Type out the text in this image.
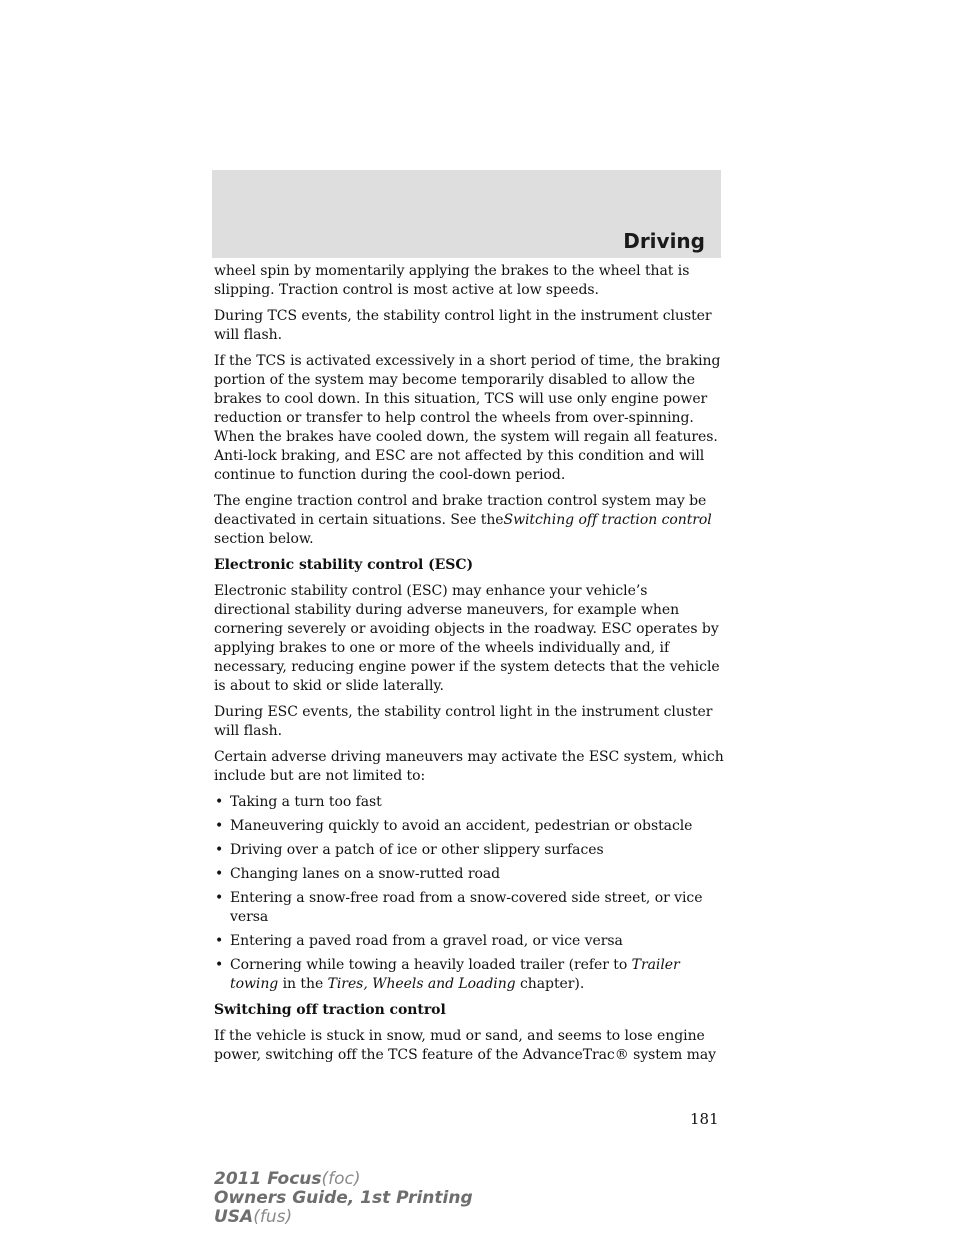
Driving

wheel spin by momentarily applying the brakes to the wheel that is slipping. Traction control is most active at low speeds.

During TCS events, the stability control light in the instrument cluster will flash.

If the TCS is activated excessively in a short period of time, the braking portion of the system may become temporarily disabled to allow the brakes to cool down. In this situation, TCS will use only engine power reduction or transfer to help control the wheels from over-spinning. When the brakes have cooled down, the system will regain all features. Anti-lock braking, and ESC are not affected by this condition and will continue to function during the cool-down period.

The engine traction control and brake traction control system may be deactivated in certain situations. See theSwitching off traction control section below.

Electronic stability control (ESC)

Electronic stability control (ESC) may enhance your vehicle’s directional stability during adverse maneuvers, for example when cornering severely or avoiding objects in the roadway. ESC operates by applying brakes to one or more of the wheels individually and, if necessary, reducing engine power if the system detects that the vehicle is about to skid or slide laterally.

During ESC events, the stability control light in the instrument cluster will flash.

Certain adverse driving maneuvers may activate the ESC system, which include but are not limited to:

• Taking a turn too fast
• Maneuvering quickly to avoid an accident, pedestrian or obstacle
• Driving over a patch of ice or other slippery surfaces
• Changing lanes on a snow-rutted road
• Entering a snow-free road from a snow-covered side street, or vice versa
• Entering a paved road from a gravel road, or vice versa
• Cornering while towing a heavily loaded trailer (refer to Trailer towing in the Tires, Wheels and Loading chapter).

Switching off traction control

If the vehicle is stuck in snow, mud or sand, and seems to lose engine power, switching off the TCS feature of the AdvanceTrac® system may

181
2011 Focus(foc)
Owners Guide, 1st Printing
USA(fus)
